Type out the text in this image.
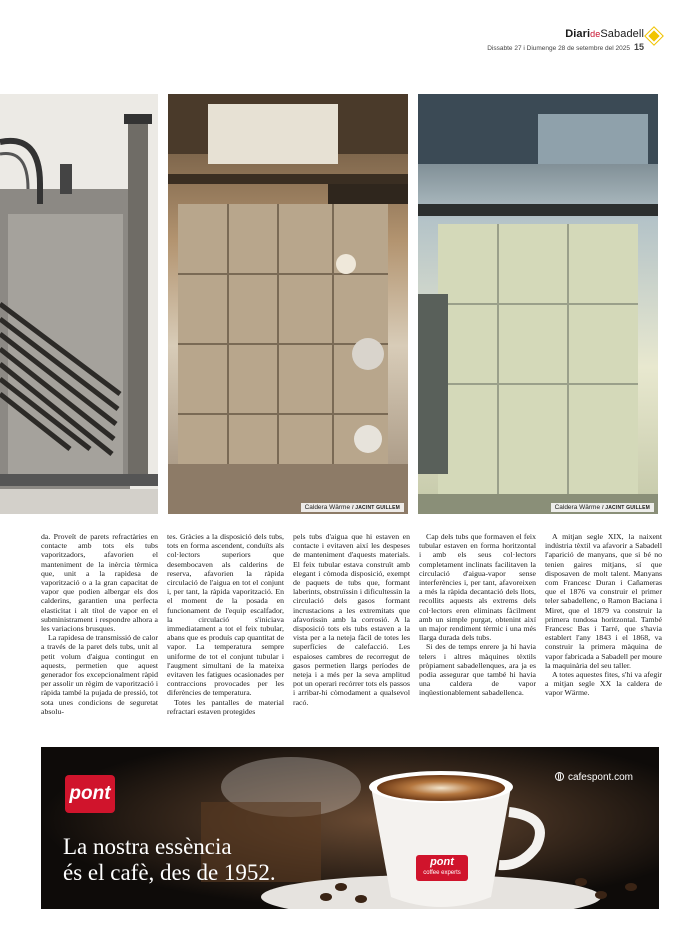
DiarideSabadell
Dissabte 27 i Diumenge 28 de setembre del 2025 15
Caldera Wärme / JACINT GUILLEM	Caldera Wärme / JACINT GUILLEM

da. Proveït de parets refractàries en contacte amb tots els tubs vaporitzadors, afavorien el manteniment de la inèrcia tèrmica que, unit a la rapidesa de vaporització o a la gran capacitat de vapor que podien albergar els dos calderins, garantien una perfecta elasticitat i alt títol de vapor en el subministrament i respondre alhora a les variacions brusques.

La rapidesa de transmissió de calor a través de la paret dels tubs, unit al petit volum d'aigua contingut en aquests, permetien que aquest generador fos excepcionalment ràpid per assolir un règim de vaporització i ràpida també la pujada de pressió, tot sota unes condicions de seguretat absolu-

tes. Gràcies a la disposició dels tubs, tots en forma ascendent, conduïts als col·lectors superiors que desembocaven als calderins de reserva, afavorien la ràpida circulació de l'aigua en tot el conjunt i, per tant, la ràpida vaporització. En el moment de la posada en funcionament de l'equip escalfador, la circulació s'iniciava immediatament a tot el feix tubular, abans que es produís cap quantitat de vapor. La temperatura sempre uniforme de tot el conjunt tubular i l'augment simultani de la mateixa evitaven les fatigues ocasionades per contraccions provocades per les diferències de temperatura.

Totes les pantalles de material refractari estaven protegides

pels tubs d'aigua que hi estaven en contacte i evitaven així les despeses de manteniment d'aquests materials. El feix tubular estava construït amb elegant i còmoda disposició, exempt de paquets de tubs que, formant laberints, obstruïssin i dificultessin la circulació dels gasos formant incrustacions a les extremitats que afavorissin amb la corrosió. A la disposició tots els tubs estaven a la vista per a la neteja fàcil de totes les superfícies de calefacció. Les espaioses cambres de recorregut de gasos permetien llargs períodes de neteja i a més per la seva amplitud pot un operari recórrer tots els passos i arribar-hi còmodament a qualsevol racó.

Cap dels tubs que formaven el feix tubular estaven en forma horitzontal i amb els seus col·lectors completament inclinats facilitaven la circulació d'aigua-vapor sense interferències i, per tant, afavoreixen a més la ràpida decantació dels llots, recollits aquests als extrems dels col·lectors eren eliminats fàcilment amb un simple purgat, obtenint així un major rendiment tèrmic i una més llarga durada dels tubs.

Si des de temps enrere ja hi havia telers i altres màquines tèxtils pròpiament sabadellenques, ara ja es podia assegurar que també hi havia una caldera de vapor inqüestionablement sabadellenca.

A mitjan segle XIX, la naixent indústria tèxtil va afavorir a Sabadell l'aparició de manyans, que si bé no tenien gaires mitjans, sí que disposaven de molt talent. Manyans com Francesc Duran i Cañameras que el 1876 va construir el primer teler sabadellenc, o Ramon Baciana i Miret, que el 1879 va construir la primera tundosa horitzontal. També Francesc Bas i Tarré, que s'havia establert l'any 1843 i el 1868, va construir la primera màquina de vapor fabricada a Sabadell per moure la maquinària del seu taller.

A totes aquestes fites, s'hi va afegir a mitjan segle XX la caldera de vapor Wärme.

pont
cafespont.com
La nostra essència
és el cafè, des de 1952.	pont
coffee experts
